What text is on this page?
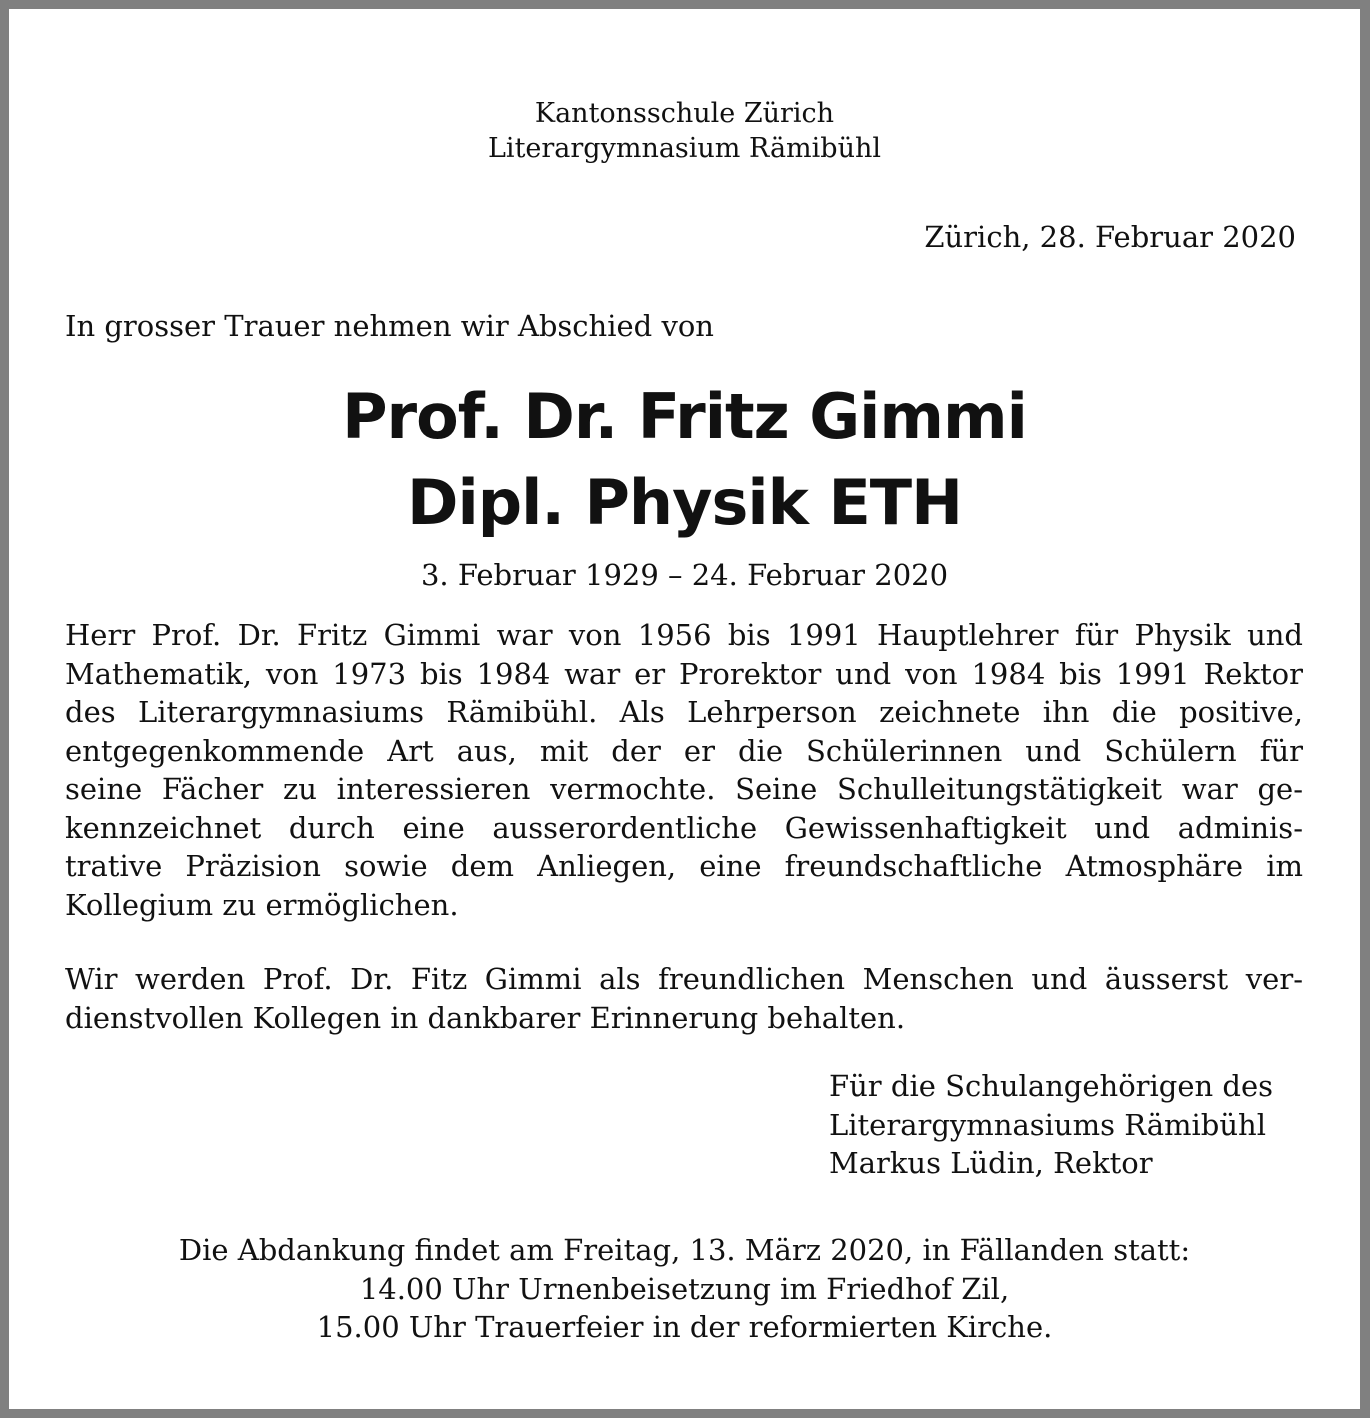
Kantonsschule Zürich
Literargymnasium Rämibühl
Zürich, 28. Februar 2020
In grosser Trauer nehmen wir Abschied von
Prof. Dr. Fritz Gimmi
Dipl. Physik ETH
3. Februar 1929 – 24. Februar 2020
Herr Prof. Dr. Fritz Gimmi war von 1956 bis 1991 Hauptlehrer für Physik und
Mathematik, von 1973 bis 1984 war er Prorektor und von 1984 bis 1991 Rektor
des Literargymnasiums Rämibühl. Als Lehrperson zeichnete ihn die positive,
entgegenkommende Art aus, mit der er die Schülerinnen und Schülern für
seine Fächer zu interessieren vermochte. Seine Schulleitungstätigkeit war ge-
kennzeichnet durch eine ausserordentliche Gewissenhaftigkeit und adminis-
trative Präzision sowie dem Anliegen, eine freundschaftliche Atmosphäre im
Kollegium zu ermöglichen.
Wir werden Prof. Dr. Fitz Gimmi als freundlichen Menschen und äusserst ver-
dienstvollen Kollegen in dankbarer Erinnerung behalten.
Für die Schulangehörigen des
Literargymnasiums Rämibühl
Markus Lüdin, Rektor
Die Abdankung findet am Freitag, 13. März 2020, in Fällanden statt:
14.00 Uhr Urnenbeisetzung im Friedhof Zil,
15.00 Uhr Trauerfeier in der reformierten Kirche.
